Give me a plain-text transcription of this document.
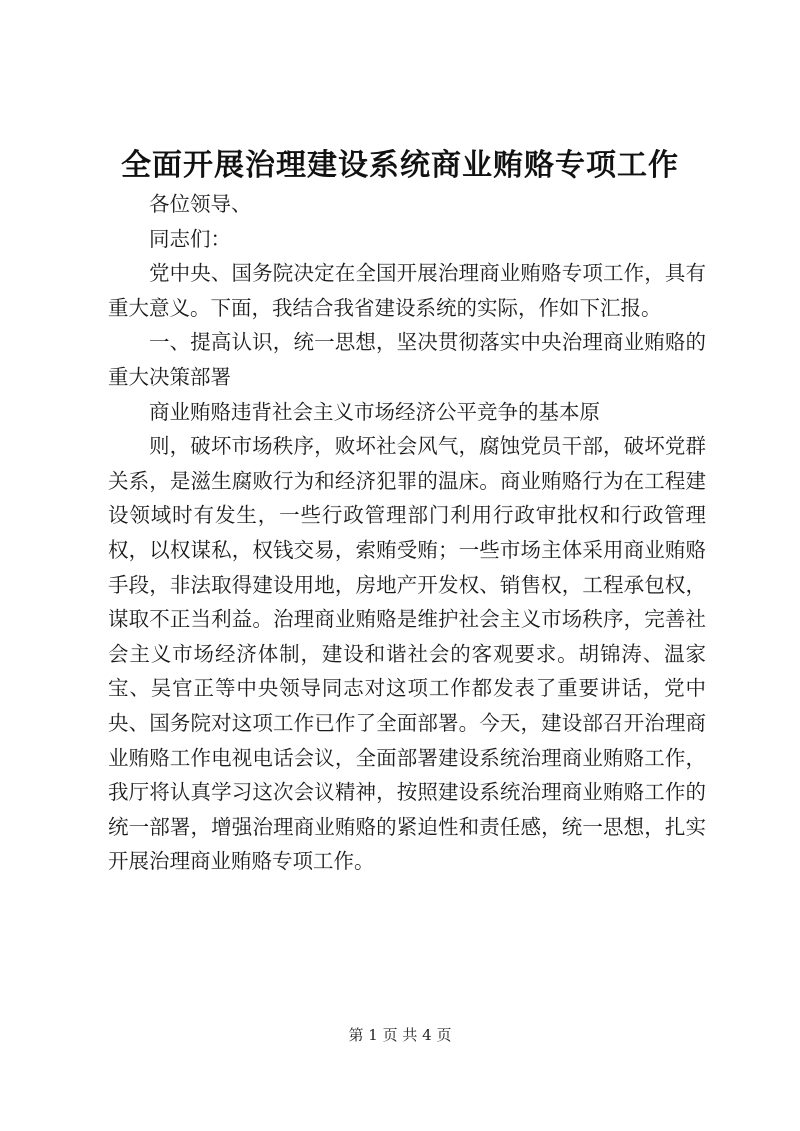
全面开展治理建设系统商业贿赂专项工作

各位领导、

同志们：

党中央、国务院决定在全国开展治理商业贿赂专项工作，具有重大意义。下面，我结合我省建设系统的实际，作如下汇报。

一、提高认识，统一思想，坚决贯彻落实中央治理商业贿赂的重大决策部署

商业贿赂违背社会主义市场经济公平竞争的基本原

则，破坏市场秩序，败坏社会风气，腐蚀党员干部，破坏党群关系，是滋生腐败行为和经济犯罪的温床。商业贿赂行为在工程建设领域时有发生，一些行政管理部门利用行政审批权和行政管理权，以权谋私，权钱交易，索贿受贿；一些市场主体采用商业贿赂手段，非法取得建设用地，房地产开发权、销售权，工程承包权，谋取不正当利益。治理商业贿赂是维护社会主义市场秩序，完善社会主义市场经济体制，建设和谐社会的客观要求。胡锦涛、温家宝、吴官正等中央领导同志对这项工作都发表了重要讲话，党中央、国务院对这项工作已作了全面部署。今天，建设部召开治理商业贿赂工作电视电话会议，全面部署建设系统治理商业贿赂工作，我厅将认真学习这次会议精神，按照建设系统治理商业贿赂工作的统一部署，增强治理商业贿赂的紧迫性和责任感，统一思想，扎实开展治理商业贿赂专项工作。

第 1 页 共 4 页
